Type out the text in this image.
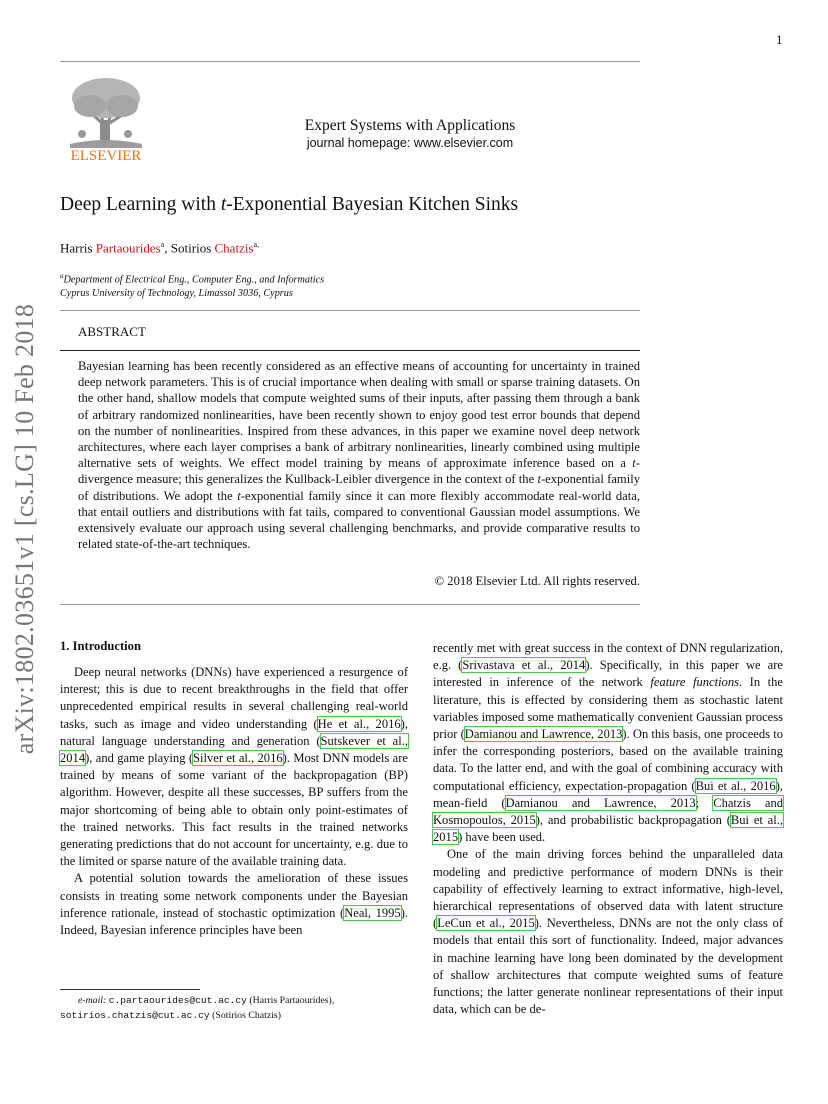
1
ELSEVIER
Expert Systems with Applications
journal homepage: www.elsevier.com
Deep Learning with t-Exponential Bayesian Kitchen Sinks
Harris Partaourides$^a$, Sotirios Chatzis$^{a,}$
$^a$Department of Electrical Eng., Computer Eng., and Informatics
Cyprus University of Technology, Limassol 3036, Cyprus
ABSTRACT
Bayesian learning has been recently considered as an effective means of accounting for uncertainty in trained deep network parameters. This is of crucial importance when dealing with small or sparse training datasets. On the other hand, shallow models that compute weighted sums of their inputs, after passing them through a bank of arbitrary randomized nonlinearities, have been recently shown to enjoy good test error bounds that depend on the number of nonlinearities. Inspired from these advances, in this paper we examine novel deep network architectures, where each layer comprises a bank of arbitrary nonlinearities, linearly combined using multiple alternative sets of weights. We effect model training by means of approximate inference based on a t-divergence measure; this generalizes the Kullback-Leibler divergence in the context of the t-exponential family of distributions. We adopt the t-exponential family since it can more flexibly accommodate real-world data, that entail outliers and distributions with fat tails, compared to conventional Gaussian model assumptions. We extensively evaluate our approach using several challenging benchmarks, and provide comparative results to related state-of-the-art techniques.
© 2018 Elsevier Ltd. All rights reserved.
arXiv:1802.03651v1 [cs.LG] 10 Feb 2018 1. Introduction

Deep neural networks (DNNs) have experienced a resurgence of interest; this is due to recent breakthroughs in the field that offer unprecedented empirical results in several challenging real-world tasks, such as image and video understanding (He et al., 2016), natural language understanding and generation (Sutskever et al., 2014), and game playing (Silver et al., 2016). Most DNN models are trained by means of some variant of the backpropagation (BP) algorithm. However, despite all these successes, BP suffers from the major shortcoming of being able to obtain only point-estimates of the trained networks. This fact results in the trained networks generating predictions that do not account for uncertainty, e.g. due to the limited or sparse nature of the available training data.

A potential solution towards the amelioration of these issues consists in treating some network components under the Bayesian inference rationale, instead of stochastic optimization (Neal, 1995). Indeed, Bayesian inference principles have been

recently met with great success in the context of DNN regularization, e.g. (Srivastava et al., 2014). Specifically, in this paper we are interested in inference of the network feature functions. In the literature, this is effected by considering them as stochastic latent variables imposed some mathematically convenient Gaussian process prior (Damianou and Lawrence, 2013). On this basis, one proceeds to infer the corresponding posteriors, based on the available training data. To the latter end, and with the goal of combining accuracy with computational efficiency, expectation-propagation (Bui et al., 2016), mean-field (Damianou and Lawrence, 2013; Chatzis and Kosmopoulos, 2015), and probabilistic backpropagation (Bui et al., 2015) have been used.

One of the main driving forces behind the unparalleled data modeling and predictive performance of modern DNNs is their capability of effectively learning to extract informative, high-level, hierarchical representations of observed data with latent structure (LeCun et al., 2015). Nevertheless, DNNs are not the only class of models that entail this sort of functionality. Indeed, major advances in machine learning have long been dominated by the development of shallow architectures that compute weighted sums of feature functions; the latter generate nonlinear representations of their input data, which can be de-

e-mail: c.partaourides@cut.ac.cy (Harris Partaourides),
sotirios.chatzis@cut.ac.cy (Sotirios Chatzis)
